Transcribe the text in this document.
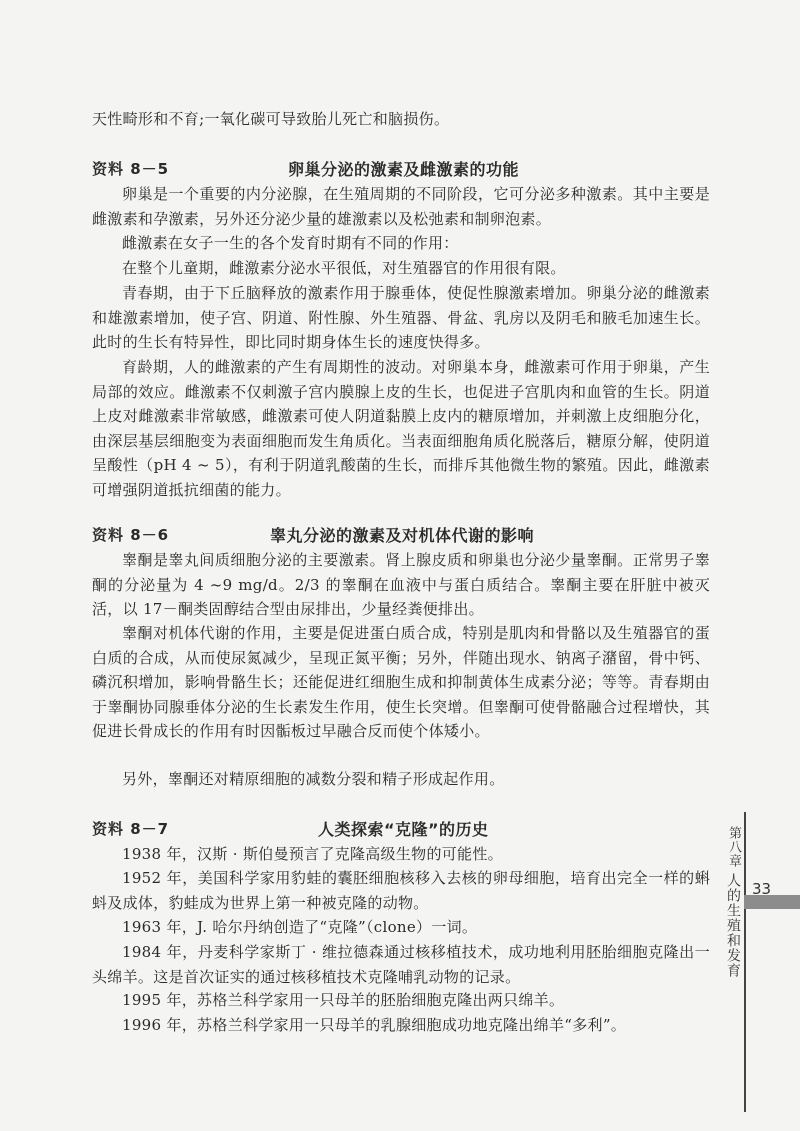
天性畸形和不育;一氧化碳可导致胎儿死亡和脑损伤。
资料 8－5	卵巢分泌的激素及雌激素的功能
卵巢是一个重要的内分泌腺，在生殖周期的不同阶段，它可分泌多种激素。其中主要是雌激素和孕激素，另外还分泌少量的雄激素以及松弛素和制卵泡素。
雌激素在女子一生的各个发育时期有不同的作用：
在整个儿童期，雌激素分泌水平很低，对生殖器官的作用很有限。
青春期，由于下丘脑释放的激素作用于腺垂体，使促性腺激素增加。卵巢分泌的雌激素和雄激素增加，使子宫、阴道、附性腺、外生殖器、骨盆、乳房以及阴毛和腋毛加速生长。此时的生长有特异性，即比同时期身体生长的速度快得多。
育龄期，人的雌激素的产生有周期性的波动。对卵巢本身，雌激素可作用于卵巢，产生局部的效应。雌激素不仅刺激子宫内膜腺上皮的生长，也促进子宫肌肉和血管的生长。阴道上皮对雌激素非常敏感，雌激素可使人阴道黏膜上皮内的糖原增加，并刺激上皮细胞分化，由深层基层细胞变为表面细胞而发生角质化。当表面细胞角质化脱落后，糖原分解，使阴道呈酸性（pH 4 ~ 5），有利于阴道乳酸菌的生长，而排斥其他微生物的繁殖。因此，雌激素可增强阴道抵抗细菌的能力。
资料 8－6	睾丸分泌的激素及对机体代谢的影响
睾酮是睾丸间质细胞分泌的主要激素。肾上腺皮质和卵巢也分泌少量睾酮。正常男子睾酮的分泌量为 4 ~9 mg/d。2/3 的睾酮在血液中与蛋白质结合。睾酮主要在肝脏中被灭活，以 17－酮类固醇结合型由尿排出，少量经粪便排出。
睾酮对机体代谢的作用，主要是促进蛋白质合成，特别是肌肉和骨骼以及生殖器官的蛋白质的合成，从而使尿氮减少，呈现正氮平衡；另外，伴随出现水、钠离子潴留，骨中钙、磷沉积增加，影响骨骼生长；还能促进红细胞生成和抑制黄体生成素分泌；等等。青春期由于睾酮协同腺垂体分泌的生长素发生作用，使生长突增。但睾酮可使骨骼融合过程增快，其促进长骨成长的作用有时因骺板过早融合反而使个体矮小。
另外，睾酮还对精原细胞的减数分裂和精子形成起作用。
资料 8－7	人类探索“克隆”的历史
1938 年，汉斯 · 斯伯曼预言了克隆高级生物的可能性。
1952 年，美国科学家用豹蛙的囊胚细胞核移入去核的卵母细胞，培育出完全一样的蝌蚪及成体，豹蛙成为世界上第一种被克隆的动物。
1963 年，J. 哈尔丹纳创造了“克隆”（clone）一词。
1984 年，丹麦科学家斯丁 · 维拉德森通过核移植技术，成功地利用胚胎细胞克隆出一头绵羊。这是首次证实的通过核移植技术克隆哺乳动物的记录。
1995 年，苏格兰科学家用一只母羊的胚胎细胞克隆出两只绵羊。
1996 年，苏格兰科学家用一只母羊的乳腺细胞成功地克隆出绵羊“多利”。
第八章
人的生殖和发育 33
